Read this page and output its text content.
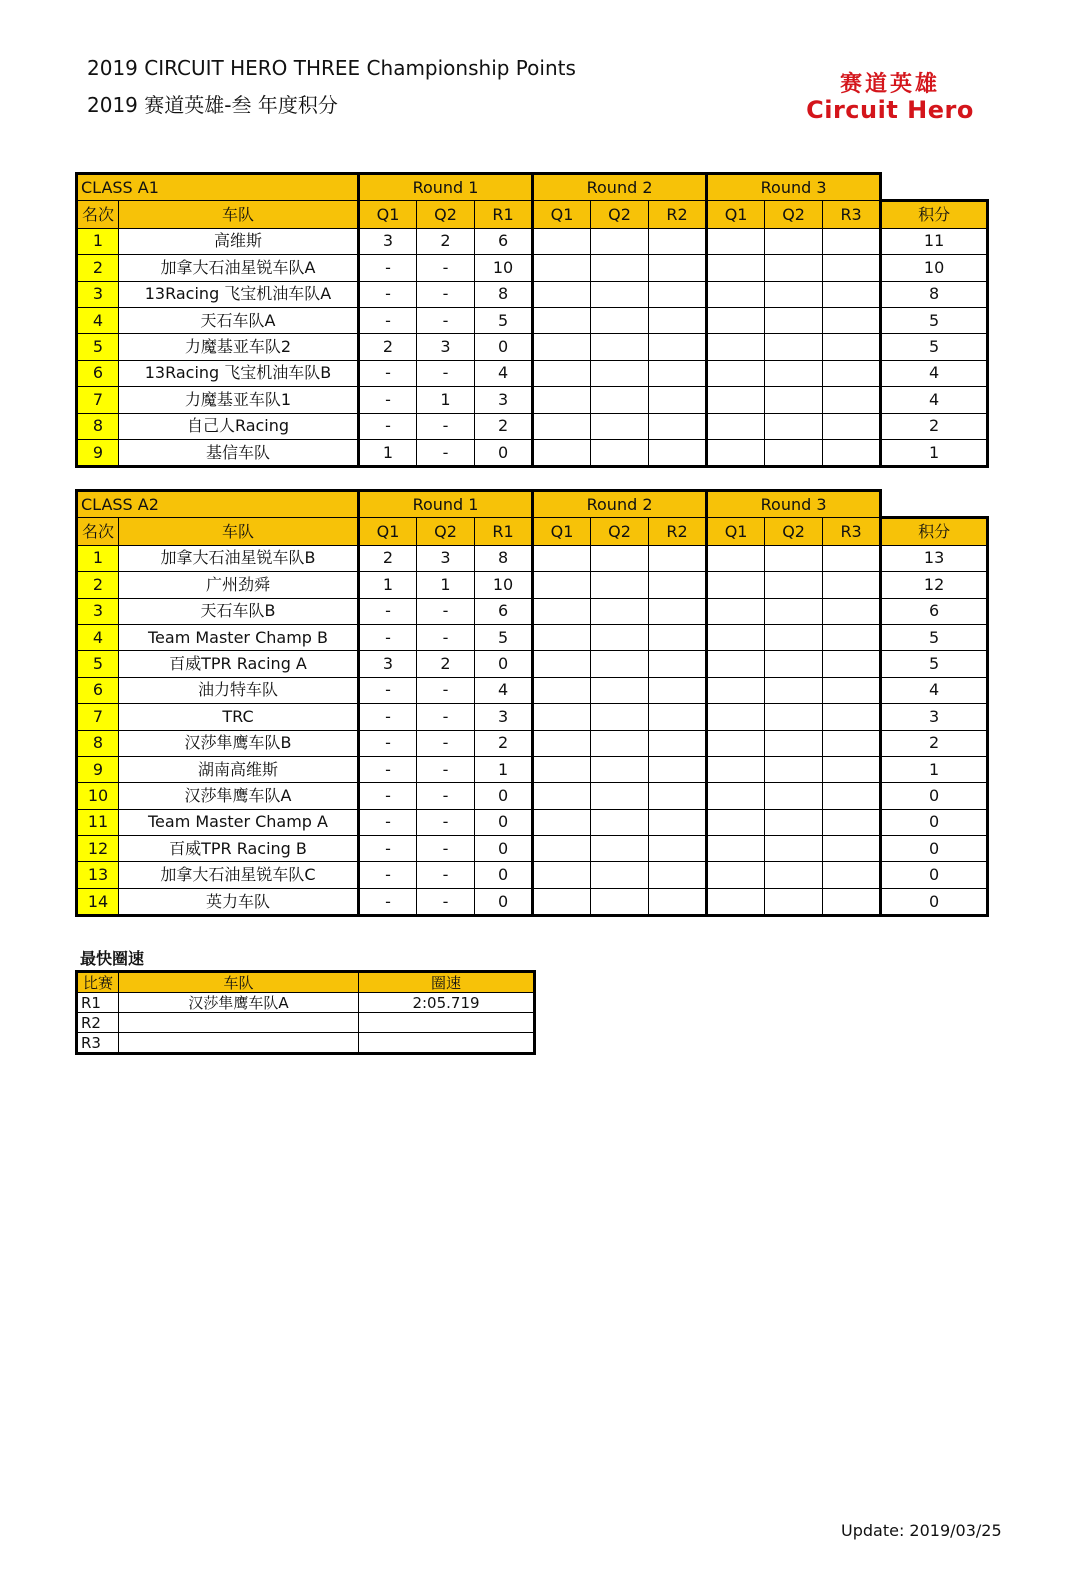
2019 CIRCUIT HERO THREE Championship Points
2019 赛道英雄-叁 年度积分
赛道英雄
Circuit Hero
CLASS A1		Round 1			Round 2			Round 3			
名次	车队	Q1	Q2	R1	Q1	Q2	R2	Q1	Q2	R3	积分
1	高维斯	3	2	6							11
2	加拿大石油星锐车队A	-	-	10							10
3	13Racing 飞宝机油车队A	-	-	8							8
4	天石车队A	-	-	5							5
5	力魔基亚车队2	2	3	0							5
6	13Racing 飞宝机油车队B	-	-	4							4
7	力魔基亚车队1	-	1	3							4
8	自己人Racing	-	-	2							2
9	基信车队	1	-	0							1
CLASS A2		Round 1			Round 2			Round 3			
名次	车队	Q1	Q2	R1	Q1	Q2	R2	Q1	Q2	R3	积分
1	加拿大石油星锐车队B	2	3	8							13
2	广州劲舜	1	1	10							12
3	天石车队B	-	-	6							6
4	Team Master Champ B	-	-	5							5
5	百威TPR Racing A	3	2	0							5
6	油力特车队	-	-	4							4
7	TRC	-	-	3							3
8	汉莎隼鹰车队B	-	-	2							2
9	湖南高维斯	-	-	1							1
10	汉莎隼鹰车队A	-	-	0							0
11	Team Master Champ A	-	-	0							0
12	百威TPR Racing B	-	-	0							0
13	加拿大石油星锐车队C	-	-	0							0
14	英力车队	-	-	0							0
最快圈速
比赛	车队	圈速
R1	汉莎隼鹰车队A	2:05.719
R2		
R3		
Update: 2019/03/25
